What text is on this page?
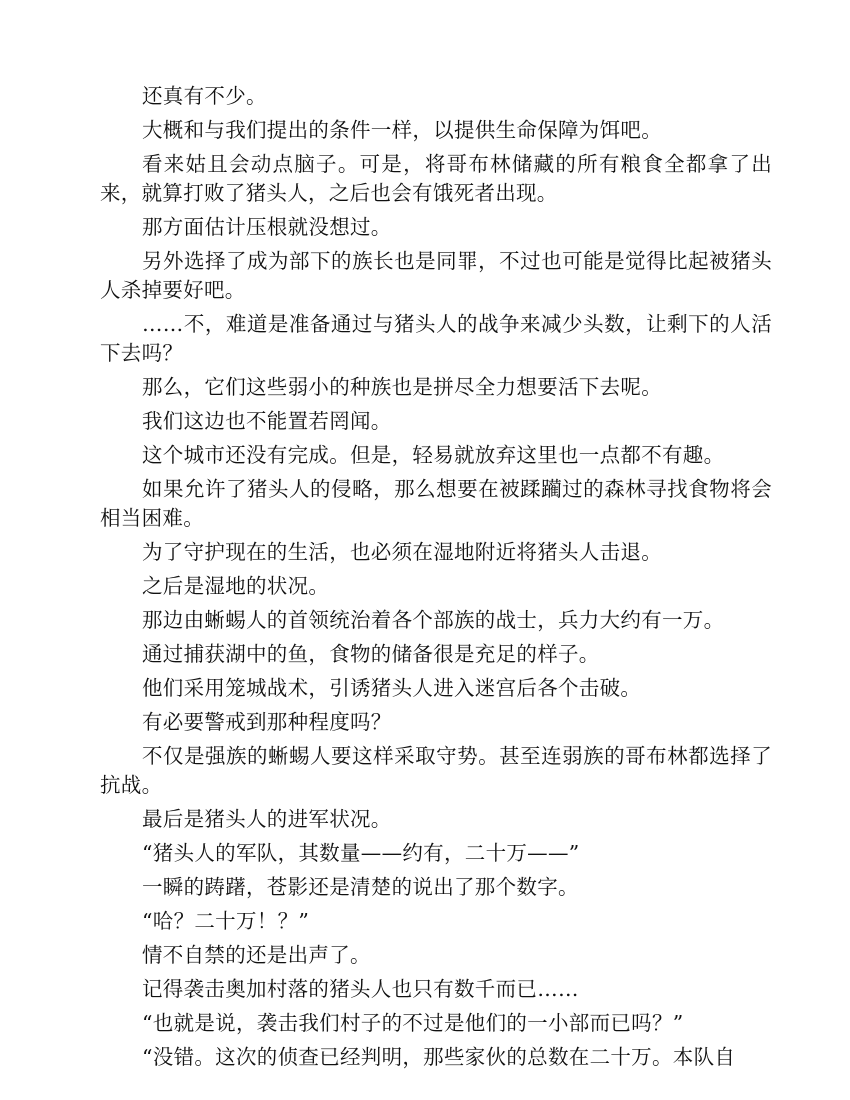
还真有不少。

大概和与我们提出的条件一样，以提供生命保障为饵吧。

看来姑且会动点脑子。可是，将哥布林储藏的所有粮食全都拿了出来，就算打败了猪头人，之后也会有饿死者出现。

那方面估计压根就没想过。

另外选择了成为部下的族长也是同罪，不过也可能是觉得比起被猪头人杀掉要好吧。

……不，难道是准备通过与猪头人的战争来减少头数，让剩下的人活下去吗？

那么，它们这些弱小的种族也是拼尽全力想要活下去呢。

我们这边也不能置若罔闻。

这个城市还没有完成。但是，轻易就放弃这里也一点都不有趣。

如果允许了猪头人的侵略，那么想要在被蹂躏过的森林寻找食物将会相当困难。

为了守护现在的生活，也必须在湿地附近将猪头人击退。

之后是湿地的状况。

那边由蜥蜴人的首领统治着各个部族的战士，兵力大约有一万。

通过捕获湖中的鱼，食物的储备很是充足的样子。

他们采用笼城战术，引诱猪头人进入迷宫后各个击破。

有必要警戒到那种程度吗？

不仅是强族的蜥蜴人要这样采取守势。甚至连弱族的哥布林都选择了抗战。

最后是猪头人的进军状况。

“猪头人的军队，其数量——约有，二十万——”

一瞬的踌躇，苍影还是清楚的说出了那个数字。

“哈？二十万！？”

情不自禁的还是出声了。

记得袭击奥加村落的猪头人也只有数千而已……

“也就是说，袭击我们村子的不过是他们的一小部而已吗？”

“没错。这次的侦查已经判明，那些家伙的总数在二十万。本队自
